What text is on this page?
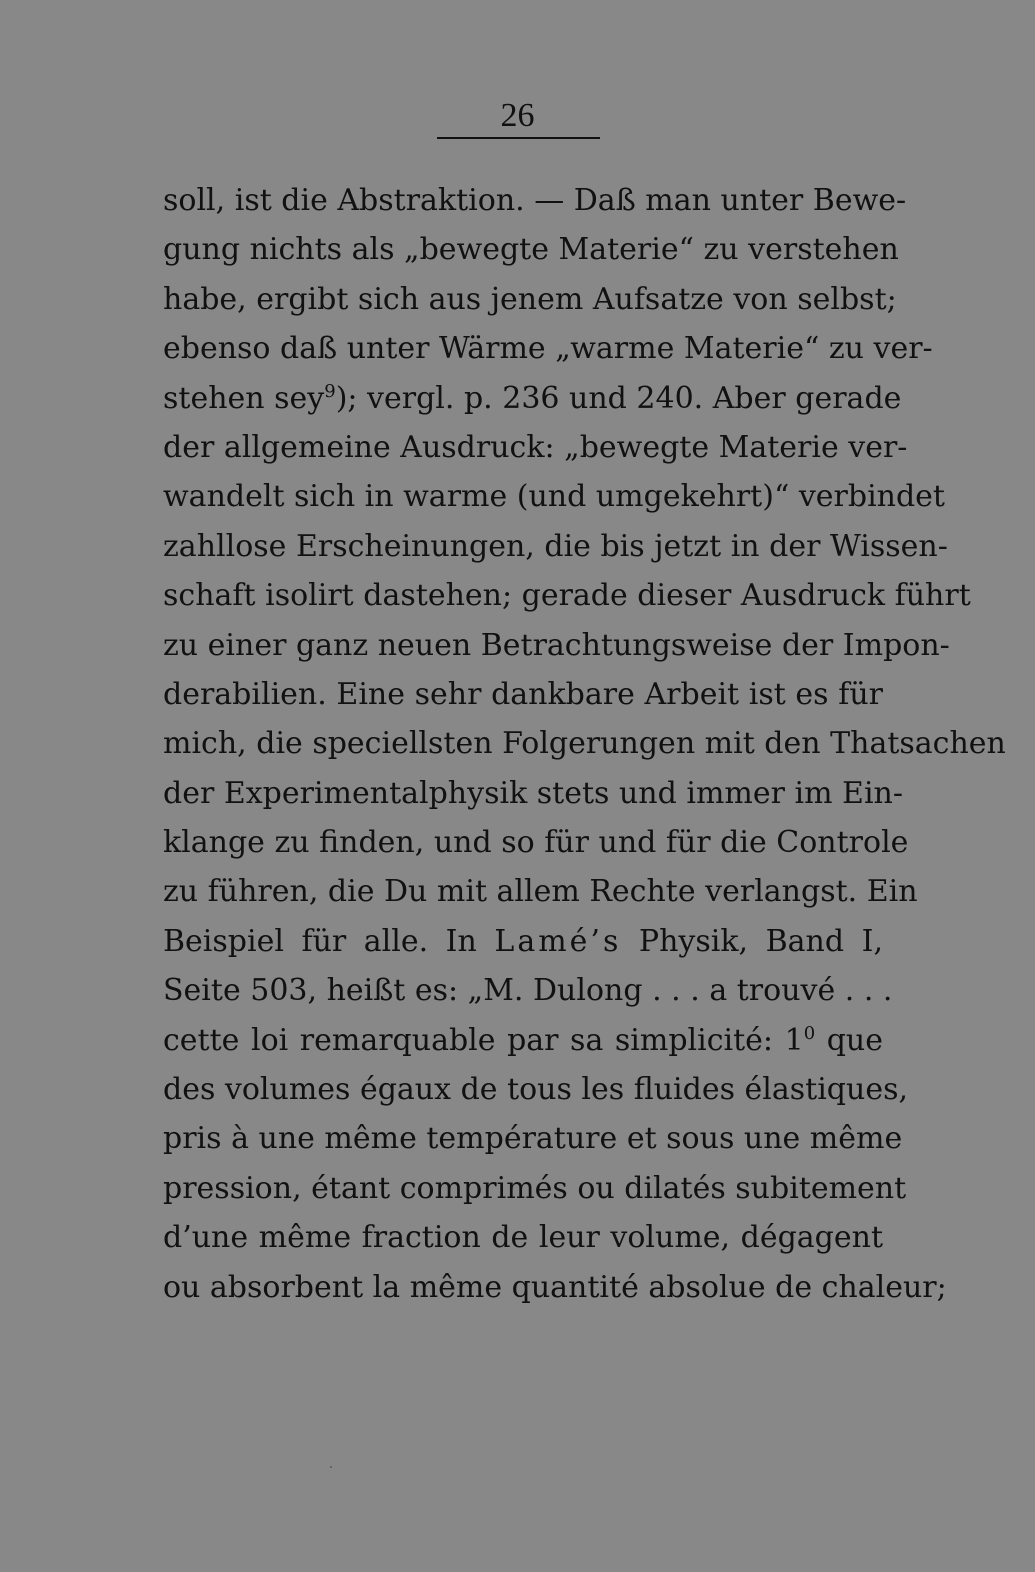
26
soll, ist die Abstraktion. — Daß man unter Bewe-
gung nichts als „bewegte Materie“ zu verstehen
habe, ergibt sich aus jenem Aufsatze von selbst;
ebenso daß unter Wärme „warme Materie“ zu ver-
stehen sey$^9$); vergl. p. 236 und 240. Aber gerade
der allgemeine Ausdruck: „bewegte Materie ver-
wandelt sich in warme (und umgekehrt)“ verbindet
zahllose Erscheinungen, die bis jetzt in der Wissen-
schaft isolirt dastehen; gerade dieser Ausdruck führt
zu einer ganz neuen Betrachtungsweise der Impon-
derabilien. Eine sehr dankbare Arbeit ist es für
mich, die speciellsten Folgerungen mit den Thatsachen
der Experimentalphysik stets und immer im Ein-
klange zu finden, und so für und für die Controle
zu führen, die Du mit allem Rechte verlangst. Ein
Beispiel für alle. In Lamé’s Physik, Band I,
Seite 503, heißt es: „M. Dulong . . . a trouvé . . .
cette loi remarquable par sa simplicité: $1^0$ que
des volumes égaux de tous les fluides élastiques,
pris à une même température et sous une même
pression, étant comprimés ou dilatés subitement
d’une même fraction de leur volume, dégagent
ou absorbent la même quantité absolue de chaleur;
